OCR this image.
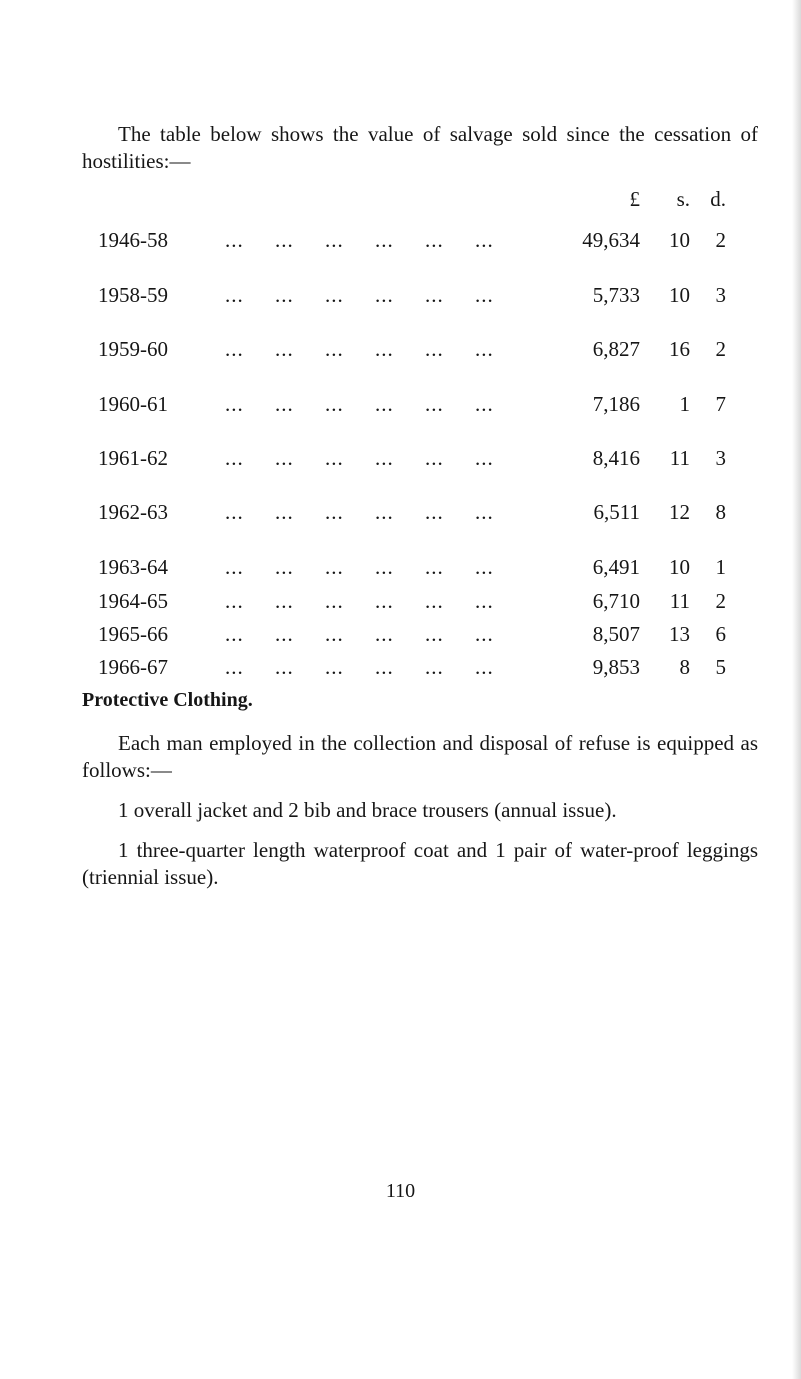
The table below shows the value of salvage sold since the cessation of hostilities:—
£ s. d.
1946-58	...     ...     ...     ...     ...     ...	49,634 10 2
1958-59	...     ...     ...     ...     ...     ...	5,733 10 3
1959-60	...     ...     ...     ...     ...     ...	6,827 16 2
1960-61	...     ...     ...     ...     ...     ...	7,186 1 7
1961-62	...     ...     ...     ...     ...     ...	8,416 11 3
1962-63	...     ...     ...     ...     ...     ...	6,511 12 8
1963-64	...     ...     ...     ...     ...     ...	6,491 10 1
1964-65	...     ...     ...     ...     ...     ...	6,710 11 2
1965-66	...     ...     ...     ...     ...     ...	8,507 13 6
1966-67	...     ...     ...     ...     ...     ...	9,853 8 5
Protective Clothing.
Each man employed in the collection and disposal of refuse is equipped as follows:—
1 overall jacket and 2 bib and brace trousers (annual issue).
1 three-quarter length waterproof coat and 1 pair of water-proof leggings (triennial issue).
110
